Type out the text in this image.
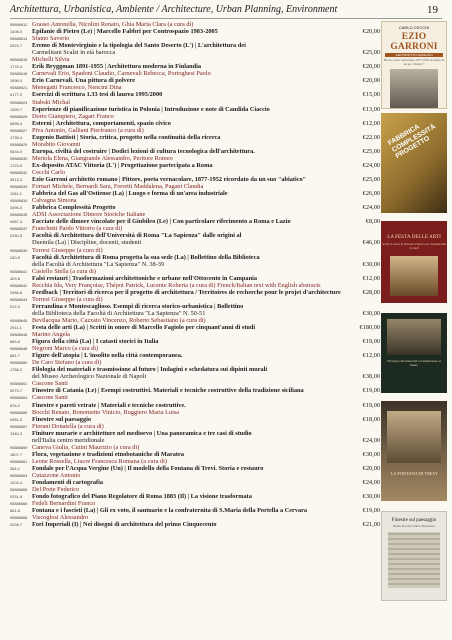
Architettura, Urbanistica, Ambiente / Architecture, Urban Planning, Environment	19
95888612 Grasso Antonella, Nicolini Renato, Ghia Maria Clara (a cura di)
1408-0	Epifanie di Pietro (Le) | Marcello Fabbri per Controspazio 1983-2005	€20,00
95888613 Sfamo Saverio
0323-7	Eremo di Montevirginio e la tipologia del Santo Deserto (L') | L'architettura dei
Carmelitani Scalzi in età barocca	€25,00
95888615 Michelli Silvia
1778-4	Erik Bryggman 1891-1955 | Architettura moderna in Finlandia	€20,00
95888618 Carnevali Erio, Spadoni Claudio, Carnevali Rebecca, Portoghesi Paolo
1596-0	Erio Carnevali. Una pittura di polvere	€20,00
95888621 Menegatti Francesco, Nencini Dina
0177-2	Esercizi di scrittura 1.33 tesi di laurea 1995/2000	€15,00
95888624 Stabski Michal
1399-7	Esperienze di pianificazione turistica in Polonia | Introduzione e note di Candida Ciaccio	€13,00
95888626 Dorio Giampiero, Zagari Franco
0695-4	Esterni | Architettura, comportamenti, spazio civico	€12,00
95888627 Piva Antonio, Galliani Pierfranco (a cura di)
1735-4	Eugenio Battisti | Storia, critica, progetto nella continuità della ricerca	€22,00
95888629 Morabito Giovanni
0634-0	Europa, civiltà del costruire | Dodici lezioni di cultura tecnologica dell'architettura.	€25,00
95888630 Mertola Elena, Giangrande Alessandro, Peritore Romeo
1723-0	Ex-deposito ATAC Vittoria (L') | Progettazione partecipata a Roma	€24,00
95888632 Cecchi Carlo
3913-3	Ezio Garroni architetto romano | Pittore, poeta vernacolare, 1877-1952 ricordato da un suo "abiatico"	€25,00
95888633 Fornari Michele, Bernardi Sara, Ferretti Maddalena, Pagani Claudia
1154-2	Fabbrica del Gas all'Ostiense (La) | Luogo e forma di un'area industriale	€26,00
95888634 Calvagna Simona
3496-5	Fabbrica Complessità Progetto	€24,00
95888635 ADSI Associazione Dimore Storiche Italiane
0087-4	Facciate delle dimore vincolate per il Giubileo (Le) | Con particolare riferimento a Roma e Lazio	€8,00
95888637 Franchetti Pardo Vittorio (a cura di)
0150-5	Facoltà di Architettura dell'Università di Roma "La Sapienza" dalle origini al
Duemila (La) | Discipline, docenti, studenti	€46,00
95888639 Torresi Giuseppe (a cura di)
240-5	Facoltà di Architettura di Roma progetta la sua sede (La) | Bollettino della Biblioteca
della Facoltà di Architettura "La Sapienza" N. 38-39	€30,00
95888641 Casiello Stella (a cura di)
429-8	Falsi restauri | Trasformazioni architettoniche e urbane nell'Ottocento in Campania	€12,00
95888642 Recchia Ida, Very Françoise, Thépot Patrick, Lucente Roberta (a cura di) French/Italian text with English abstracts
2986-8	Feedback | Territori di ricerca per il progetto di architettura / Territoires de recherche pour le projet d'architecture	€28,00
95888644 Torresi Giuseppe (a cura di)
512-3	Ferrandina e Montescaglioso. Esempi di ricerca storico-urbanistica | Bollettino
della Biblioteca della Facoltà di Architettura "La Sapienza" N. 50-51	€30,00
95888645 Bevilacqua Mario, Cazzato Vincenzo, Roberto Sebastiano (a cura di)
2911-1	Festa delle arti (La) | Scritti in onore di Marcello Fagiolo per cinquant'anni di studi	€180,00
95888646 Marino Angela
665-6	Figura della città (La) | I catasti storici in Italia	€19,00
95888648 Negroni Marco (a cura di)
681-7	Figure dell'atopia | L'insolito nella città contemporanea.	€12,00
95888650 De Caro Stefano (a cura di)
1758-2	Filologia dei materiali e trasmissione al futuro | Indagini e schedatura sui dipinti murali
del Museo Archeologico Nazionale di Napoli	€38,00
95888651 Cascone Santi
0073-7	Finestre di Catania (Le) | Esempi costruttivi. Materiali e tecniche costruttive della tradizione siciliana	€19,00
95888654 Cascone Santi
876-2	Finestre e pareti vetrate | Materiali e tecniche costruttive.	€19,00
95888655 Bocchi Renato, Bonometto Vinicio, Ruggiero Maria Luisa
0981-5	Finestre sul paesaggio	€18,00
95888657 Fiorani Donatella (a cura di)
1340-3	Finiture murarie e architetture nel medioevo | Una panoramica e tre casi di studio
nell'Italia centro meridionale	€24,00
95888659 Canevа Giulia, Cutini Maurizio (a cura di)
1807-7	Flora, vegetazione e tradizioni etnobotaniche di Maratea	€30,00
95888661 Leone Rossella, Liucre Francesca Romana (a cura di)
354-1	Fondale per l'Acqua Vergine (Un) | Il modello della Fontana di Trevi. Storia e restauro	€20,00
95888663 Cutazzone Antonio
1202-4	Fondamenti di cartografia	€24,00
95888665 Del Prete Federico
0251-9	Fondo fotografico del Piano Regolatore di Roma 1883 (Il) | La visione trasformata	€30,00
95888666 Fedeli Bernardini Franco
661-8	Fontana e i fascisti (La) | Gli ex voto, il santuario e la confraternita di S.Maria della Portella a Cervara	€19,00
95888668 Viscoglosi Alessandro
0028-7	Fori Imperiali (I) | Nei disegni di architettura del primo Cinquecento	€21,00
CARLO CECCHI
EZIO GARRONI
ARCHITETTO ROMANO
Pittore, poeta vernacolare, 1877-1952 ricordato da un suo "abiatico"
FABBRICA COMPLESSITÀ PROGETTO
LA FESTA DELLE ARTI
Scritti in onore di Marcello Fagiolo per cinquant'anni di studi
Filologia dei materiali e trasmissione al futuro
LA FONTANA DI TREVI
Finestre sul paesaggio
Renato Bocchi, Vinicio Bonometto
